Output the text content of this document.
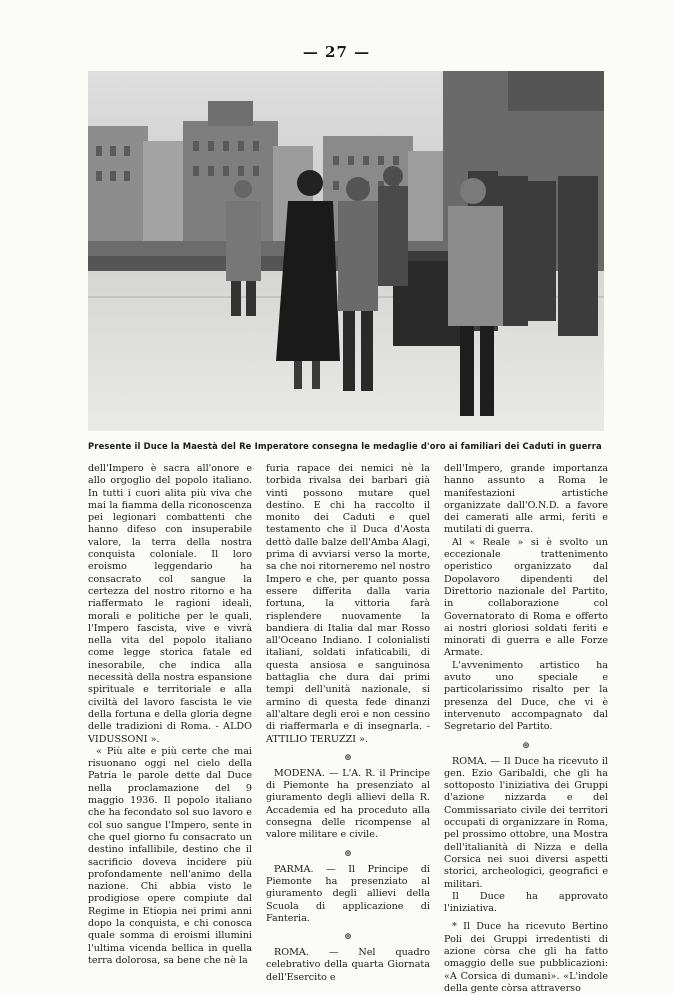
— 27 —
Presente il Duce la Maestà del Re Imperatore consegna le medaglie d'oro ai familiari dei Caduti in guerra

dell'Impero è sacra all'onore e allo orgoglio del popolo italiano. In tutti i cuori alita più viva che mai la fiamma della riconoscenza pei legionari combattenti che hanno difeso con insuperabile valore, la terra della nostra conquista coloniale. Il loro eroismo leggendario ha consacrato col sangue la certezza del nostro ritorno e ha riaffermato le ragioni ideali, morali e politiche per le quali, l'Impero fascista, vive e vivrà nella vita del popolo italiano come legge storica fatale ed inesorabile, che indica alla necessità della nostra espansione spirituale e territoriale e alla civiltà del lavoro fascista le vie della fortuna e della gloria degne delle tradizioni di Roma. - ALDO VIDUSSONI ».

« Più alte e più certe che mai risuonano oggi nel cielo della Patria le parole dette dal Duce nella proclamazione del 9 maggio 1936. Il popolo italiano che ha fecondato sol suo lavoro e col suo sangue l'Impero, sente in che quel giorno fu consacrato un destino infallibile, destino che il sacrificio doveva incidere più profondamente nell'animo della nazione. Chi abbia visto le prodigiose opere compiute dal Regime in Etiopia nei primi anni dopo la conquista, e chi conosca quale somma di eroismi illumini l'ultima vicenda bellica in quella terra dolorosa, sa bene che nè la

furia rapace dei nemici nè la torbida rivalsa dei barbari già vinti possono mutare quel destino. E chi ha raccolto il monito dei Caduti e quel testamento che il Duca d'Aosta dettò dalle balze dell'Amba Alagi, prima di avviarsi verso la morte, sa che noi ritorneremo nel nostro Impero e che, per quanto possa essere differita dalla varia fortuna, la vittoria farà risplendere nuovamente la bandiera di Italia dal mar Rosso all'Oceano Indiano. I colonialisti italiani, soldati infaticabili, di questa ansiosa e sanguinosa battaglia che dura dai primi tempi dell'unità nazionale, si armino di questa fede dinanzi all'altare degli eroi e non cessino di riaffermarla e di insegnarla. - ATTILIO TERUZZI ».

⊛

MODENA. — L'A. R. il Principe di Piemonte ha presenziato al giuramento degli allievi della R. Accademia ed ha proceduto alla consegna delle ricompense al valore militare e civile.

⊛

PARMA. — Il Principe di Piemonte ha presenziato al giuramento degli allievi della Scuola di applicazione di Fanteria.

⊛

ROMA. — Nel quadro celebrativo della quarta Giornata dell'Esercito e

dell'Impero, grande importanza hanno assunto a Roma le manifestazioni artistiche organizzate dall'O.N.D. a favore dei camerati alle armi, feriti e mutilati di guerra.

Al « Reale » si è svolto un eccezionale trattenimento operistico organizzato dal Dopolavoro dipendenti del Direttorio nazionale del Partito, in collaborazione col Governatorato di Roma e offerto ai nostri gloriosi soldati feriti e minorati di guerra e alle Forze Armate.

L'avvenimento artistico ha avuto uno speciale e particolarissimo risalto per la presenza del Duce, che vi è intervenuto accompagnato dal Segretario del Partito.

⊛

ROMA. — Il Duce ha ricevuto il gen. Ezio Garibaldi, che gli ha sottoposto l'iniziativa dei Gruppi d'azione nizzarda e del Commissariato civile dei territori occupati di organizzare in Roma, pel prossimo ottobre, una Mostra dell'italianità di Nizza e della Corsica nei suoi diversi aspetti storici, archeologici, geografici e militari.

Il Duce ha approvato l'iniziativa.

* Il Duce ha ricevuto Bertino Poli dei Gruppi irredentisti di azione còrsa che gli ha fatto omaggio delle sue pubblicazioni: «A Corsica di dumani». «L'indole della gente còrsa attraverso
